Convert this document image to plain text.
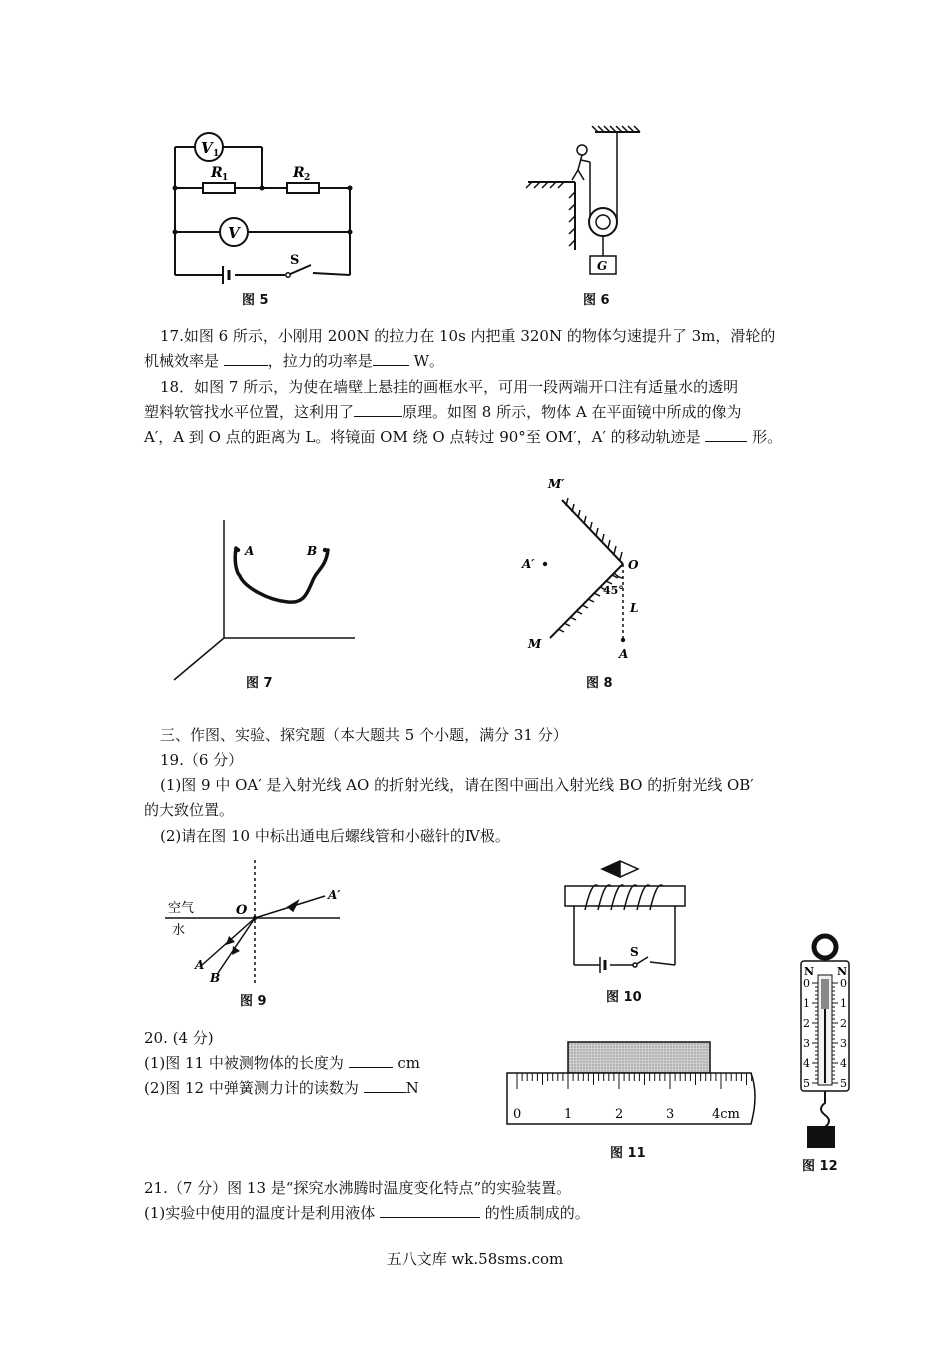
V 1
R 1	R 2
V
S
图 5
G
图 6
17.如图 6 所示，小刚用 200N 的拉力在 10s 内把重 320N 的物体匀速提升了 3m，滑轮的
机械效率是	，拉力的功率是 W。
18．如图 7 所示，为使在墙壁上悬挂的画框水平，可用一段两端开口注有适量水的透明
塑料软管找水平位置，这利用了	原理。如图 8 所示，物体 A 在平面镜中所成的像为
A′，A 到 O 点的距离为 L。将镜面 OM 绕 O 点转过 90°至 OM′，A′ 的移动轨迹是	形。
A	B
图 7
M′
A′	O
45°
L
M
A
图 8
三、作图、实验、探究题（本大题共 5 个小题，满分 31 分）
19.（6 分）
(1)图 9 中 OA′ 是入射光线 AO 的折射光线，请在图中画出入射光线 BO 的折射光线 OB′
的大致位置。
(2)请在图 10 中标出通电后螺线管和小磁针的Ⅳ极。
空气
水
O
A′
A
B
图 9
S
图 10
20. (4 分)
(1)图 11 中被测物体的长度为	cm
(2)图 12 中弹簧测力计的读数为	N
0	1	2	3	4cm
图 11
N N
0	0
1	1
2	2
3	3
4	4
5	5
图 12
21.（7 分）图 13 是“探究水沸腾时温度变化特点”的实验装置。
(1)实验中使用的温度计是利用液体	的性质制成的。
五八文库 wk.58sms.com
